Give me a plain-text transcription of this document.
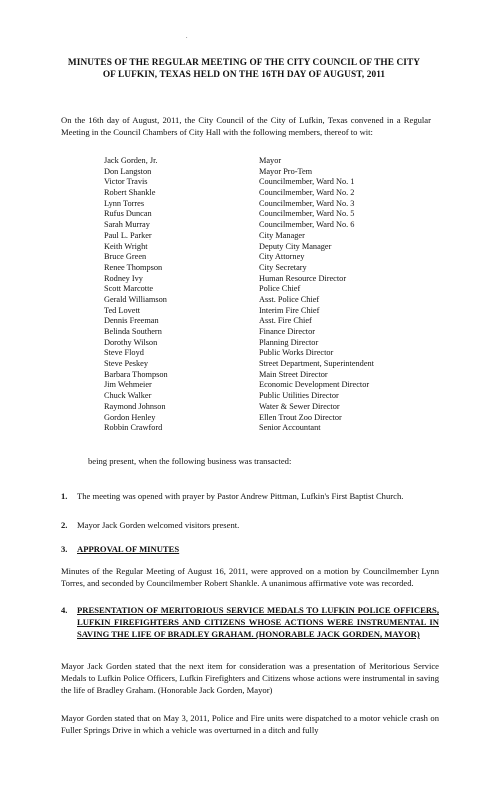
.
MINUTES OF THE REGULAR MEETING OF THE CITY COUNCIL OF THE CITY OF LUFKIN, TEXAS HELD ON THE 16TH DAY OF AUGUST, 2011
On the 16th day of August, 2011, the City Council of the City of Lufkin, Texas convened in a Regular Meeting in the Council Chambers of City Hall with the following members, thereof to wit:
Jack Gorden, Jr.	Mayor
Don Langston	Mayor Pro-Tem
Victor Travis	Councilmember, Ward No. 1
Robert Shankle	Councilmember, Ward No. 2
Lynn Torres	Councilmember, Ward No. 3
Rufus Duncan	Councilmember, Ward No. 5
Sarah Murray	Councilmember, Ward No. 6
Paul L. Parker	City Manager
Keith Wright	Deputy City Manager
Bruce Green	City Attorney
Renee Thompson	City Secretary
Rodney Ivy	Human Resource Director
Scott Marcotte	Police Chief
Gerald Williamson	Asst. Police Chief
Ted Lovett	Interim Fire Chief
Dennis Freeman	Asst. Fire Chief
Belinda Southern	Finance Director
Dorothy Wilson	Planning Director
Steve Floyd	Public Works Director
Steve Peskey	Street Department, Superintendent
Barbara Thompson	Main Street Director
Jim Wehmeier	Economic Development Director
Chuck Walker	Public Utilities Director
Raymond Johnson	Water & Sewer Director
Gordon Henley	Ellen Trout Zoo Director
Robbin Crawford	Senior Accountant
being present, when the following business was transacted:
1. The meeting was opened with prayer by Pastor Andrew Pittman, Lufkin's First Baptist Church.
2. Mayor Jack Gorden welcomed visitors present.
3. APPROVAL OF MINUTES
Minutes of the Regular Meeting of August 16, 2011, were approved on a motion by Councilmember Lynn Torres, and seconded by Councilmember Robert Shankle. A unanimous affirmative vote was recorded.
4. PRESENTATION OF MERITORIOUS SERVICE MEDALS TO LUFKIN POLICE OFFICERS, LUFKIN FIREFIGHTERS AND CITIZENS WHOSE ACTIONS WERE INSTRUMENTAL IN SAVING THE LIFE OF BRADLEY GRAHAM. (HONORABLE JACK GORDEN, MAYOR)
Mayor Jack Gorden stated that the next item for consideration was a presentation of Meritorious Service Medals to Lufkin Police Officers, Lufkin Firefighters and Citizens whose actions were instrumental in saving the life of Bradley Graham. (Honorable Jack Gorden, Mayor)
Mayor Gorden stated that on May 3, 2011, Police and Fire units were dispatched to a motor vehicle crash on Fuller Springs Drive in which a vehicle was overturned in a ditch and fully
